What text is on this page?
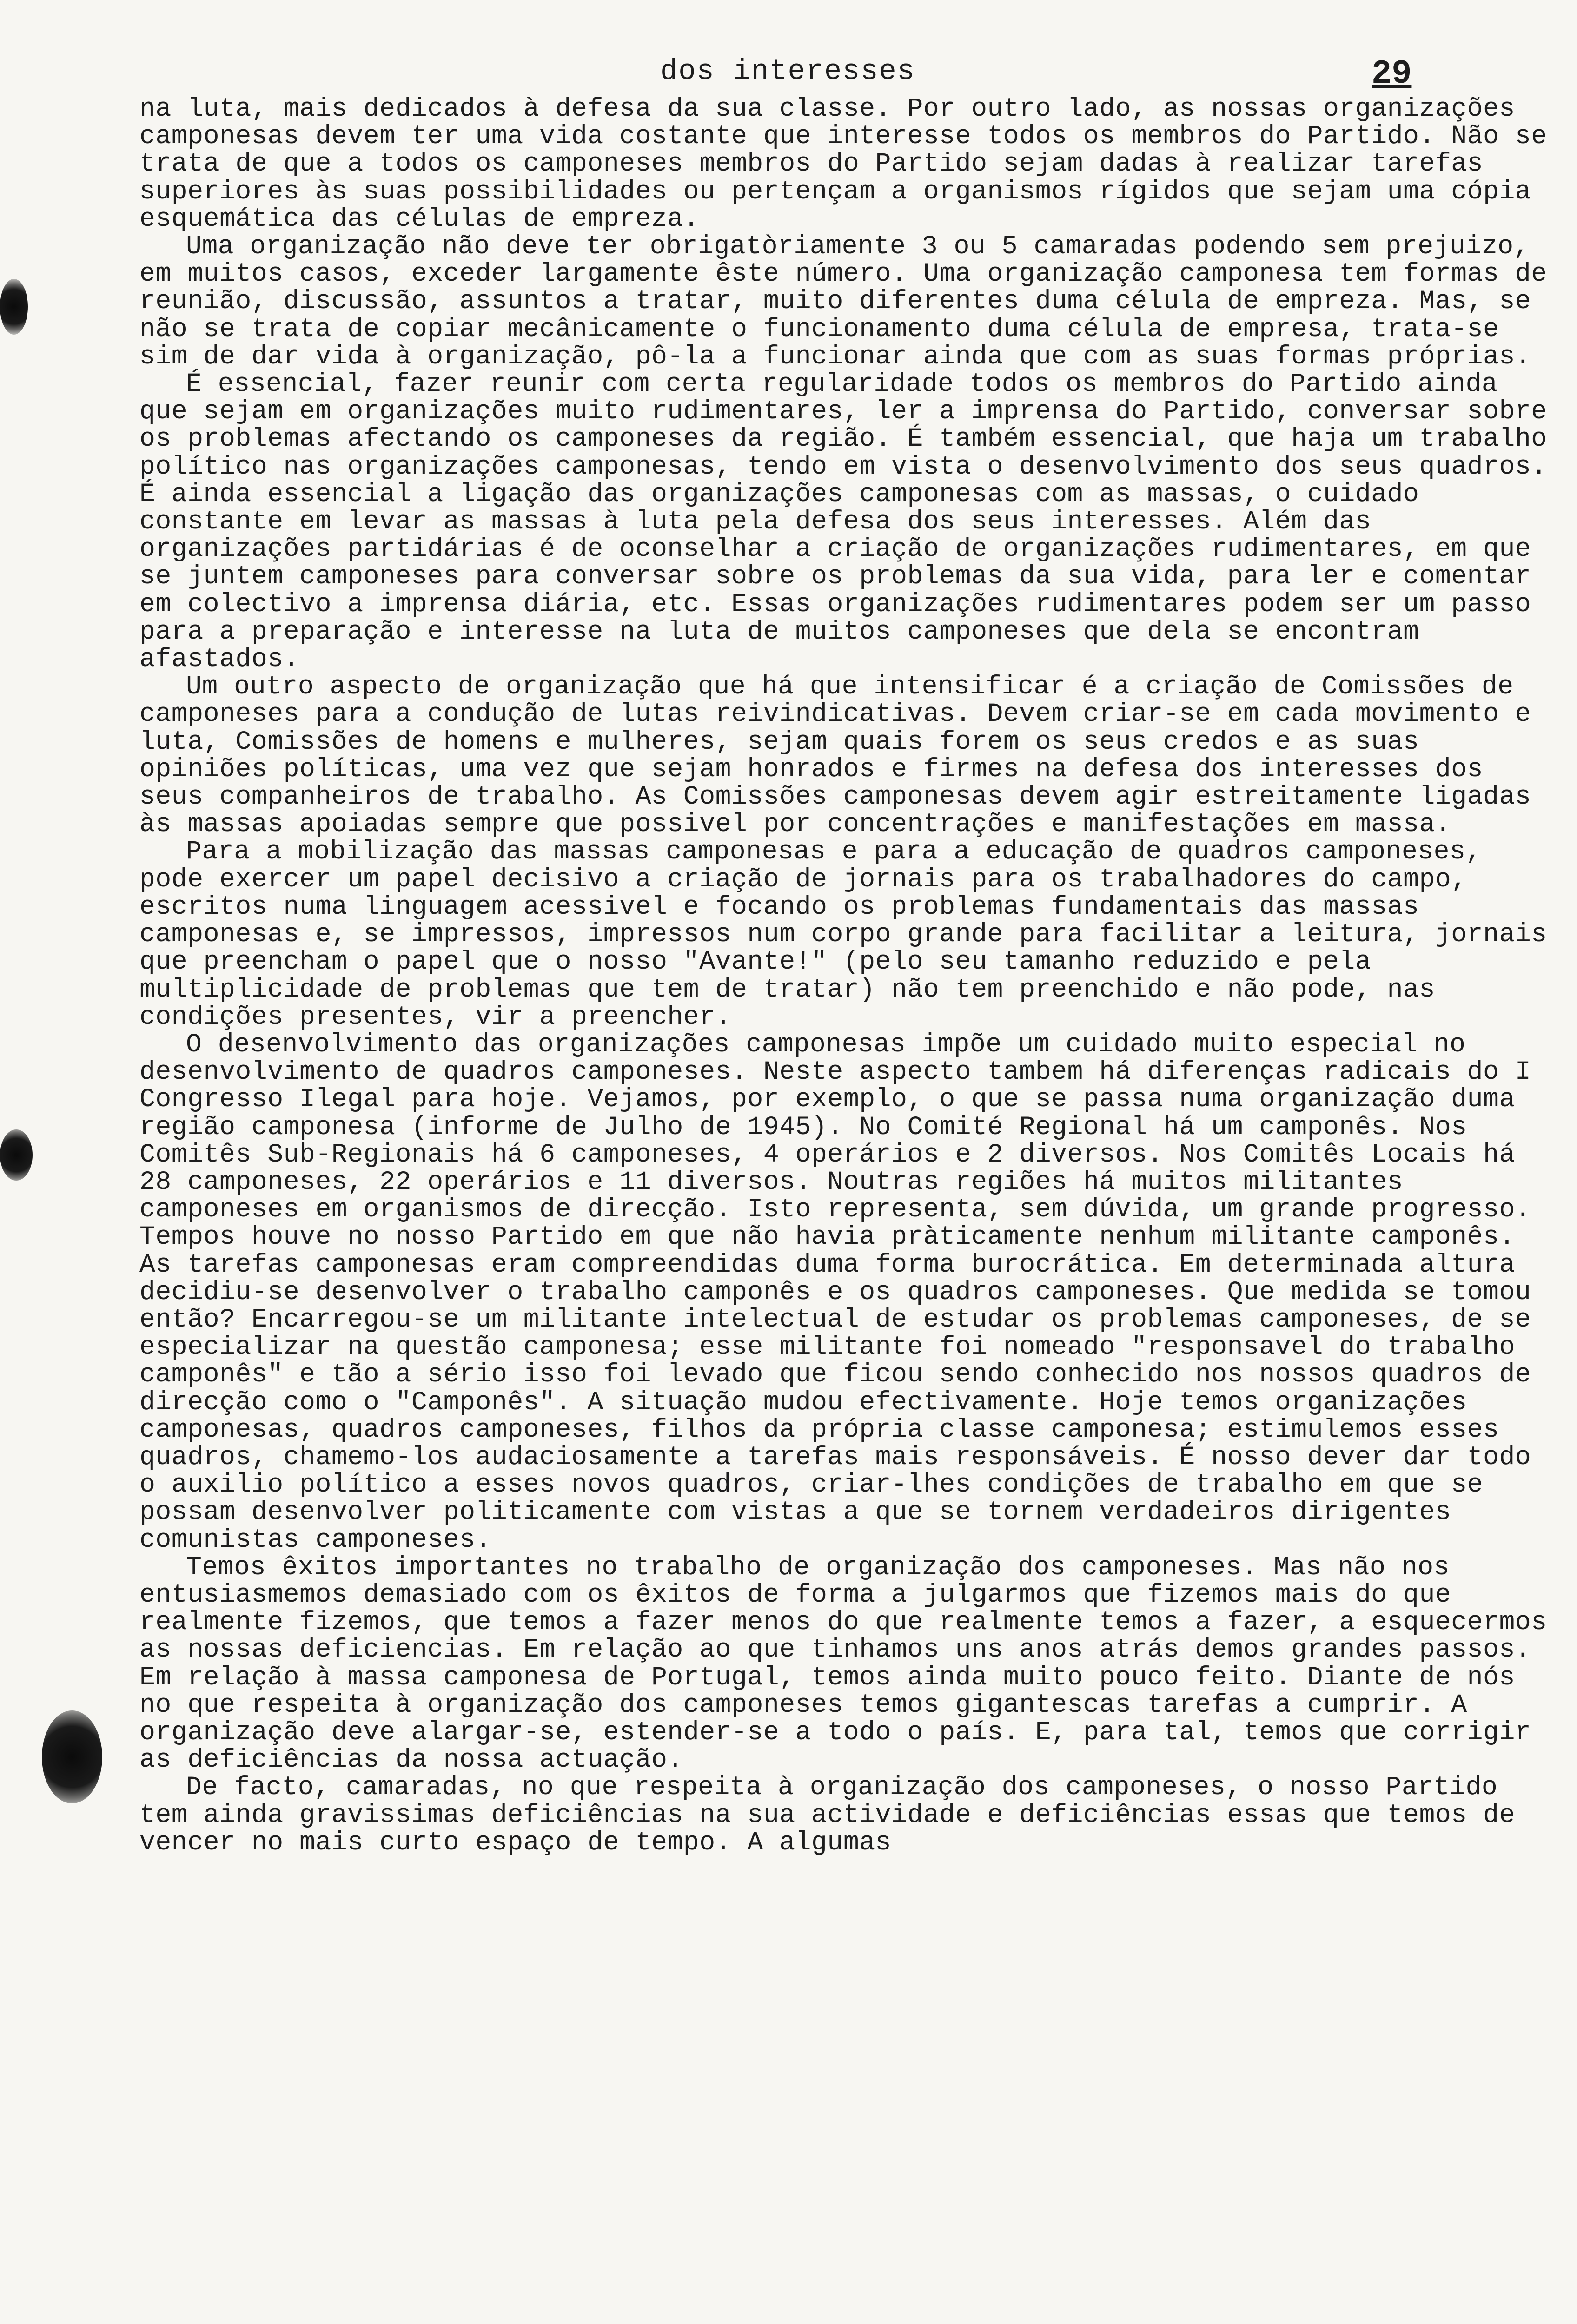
dos interesses	29

na luta, mais dedicados à defesa da sua classe. Por outro lado, as nossas organizações camponesas devem ter uma vida costante que interesse todos os membros do Partido. Não se trata de que a todos os camponeses membros do Partido sejam dadas à realizar tarefas superiores às suas possibilidades ou pertençam a organismos rígidos que sejam uma cópia esquemática das células de empreza.

Uma organização não deve ter obrigatòriamente 3 ou 5 camaradas podendo sem prejuizo, em muitos casos, exceder largamente êste número. Uma organização camponesa tem formas de reunião, discussão, assuntos a tratar, muito diferentes duma célula de empreza. Mas, se não se trata de copiar mecânicamente o funcionamento duma célula de empresa, trata-se sim de dar vida à organização, pô-la a funcionar ainda que com as suas formas próprias.

É essencial, fazer reunir com certa regularidade todos os membros do Partido ainda que sejam em organizações muito rudimentares, ler a imprensa do Partido, conversar sobre os problemas afectando os camponeses da região. É também essencial, que haja um trabalho político nas organizações camponesas, tendo em vista o desenvolvimento dos seus quadros. É ainda essencial a ligação das organizações camponesas com as massas, o cuidado constante em levar as massas à luta pela defesa dos seus interesses. Além das organizações partidárias é de oconselhar a criação de organizações rudimentares, em que se juntem camponeses para conversar sobre os problemas da sua vida, para ler e comentar em colectivo a imprensa diária, etc. Essas organizações rudimentares podem ser um passo para a preparação e interesse na luta de muitos camponeses que dela se encontram afastados.

Um outro aspecto de organização que há que intensificar é a criação de Comissões de camponeses para a condução de lutas reivindicativas. Devem criar-se em cada movimento e luta, Comissões de homens e mulheres, sejam quais forem os seus credos e as suas opiniões políticas, uma vez que sejam honrados e firmes na defesa dos interesses dos seus companheiros de trabalho. As Comissões camponesas devem agir estreitamente ligadas às massas apoiadas sempre que possivel por concentrações e manifestações em massa.

Para a mobilização das massas camponesas e para a educação de quadros camponeses, pode exercer um papel decisivo a criação de jornais para os trabalhadores do campo, escritos numa linguagem acessivel e focando os problemas fundamentais das massas camponesas e, se impressos, impressos num corpo grande para facilitar a leitura, jornais que preencham o papel que o nosso "Avante!" (pelo seu tamanho reduzido e pela multiplicidade de problemas que tem de tratar) não tem preenchido e não pode, nas condições presentes, vir a preencher.

O desenvolvimento das organizações camponesas impõe um cuidado muito especial no desenvolvimento de quadros camponeses. Neste aspecto tambem há diferenças radicais do I Congresso Ilegal para hoje. Vejamos, por exemplo, o que se passa numa organização duma região camponesa (informe de Julho de 1945). No Comité Regional há um camponês. Nos Comitês Sub-Regionais há 6 camponeses, 4 operários e 2 diversos. Nos Comitês Locais há 28 camponeses, 22 operários e 11 diversos. Noutras regiões há muitos militantes camponeses em organismos de direcção. Isto representa, sem dúvida, um grande progresso. Tempos houve no nosso Partido em que não havia pràticamente nenhum militante camponês. As tarefas camponesas eram compreendidas duma forma burocrática. Em determinada altura decidiu-se desenvolver o trabalho camponês e os quadros camponeses. Que medida se tomou então? Encarregou-se um militante intelectual de estudar os problemas camponeses, de se especializar na questão camponesa; esse militante foi nomeado "responsavel do trabalho camponês" e tão a sério isso foi levado que ficou sendo conhecido nos nossos quadros de direcção como o "Camponês". A situação mudou efectivamente. Hoje temos organizações camponesas, quadros camponeses, filhos da própria classe camponesa; estimulemos esses quadros, chamemo-los audaciosamente a tarefas mais responsáveis. É nosso dever dar todo o auxilio político a esses novos quadros, criar-lhes condições de trabalho em que se possam desenvolver politicamente com vistas a que se tornem verdadeiros dirigentes comunistas camponeses.

Temos êxitos importantes no trabalho de organização dos camponeses. Mas não nos entusiasmemos demasiado com os êxitos de forma a julgarmos que fizemos mais do que realmente fizemos, que temos a fazer menos do que realmente temos a fazer, a esquecermos as nossas deficiencias. Em relação ao que tinhamos uns anos atrás demos grandes passos. Em relação à massa camponesa de Portugal, temos ainda muito pouco feito. Diante de nós no que respeita à organização dos camponeses temos gigantescas tarefas a cumprir. A organização deve alargar-se, estender-se a todo o país. E, para tal, temos que corrigir as deficiências da nossa actuação.

De facto, camaradas, no que respeita à organização dos camponeses, o nosso Partido tem ainda gravissimas deficiências na sua actividade e deficiências essas que temos de vencer no mais curto espaço de tempo. A algumas
